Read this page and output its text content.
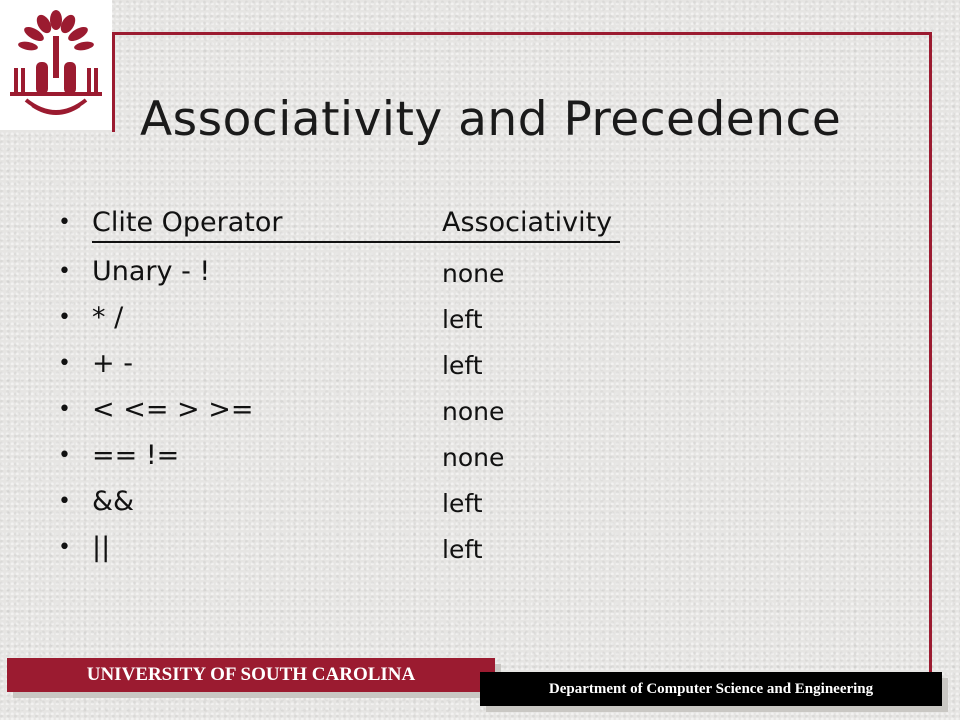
Associativity and Precedence
• Clite Operator	Associativity
• Unary - !	none
• * /	left
• + -	left
• < <= > >=	none
• == !=	none
• &&	left
• ||	left
UNIVERSITY OF SOUTH CAROLINA
Department of Computer Science and Engineering
